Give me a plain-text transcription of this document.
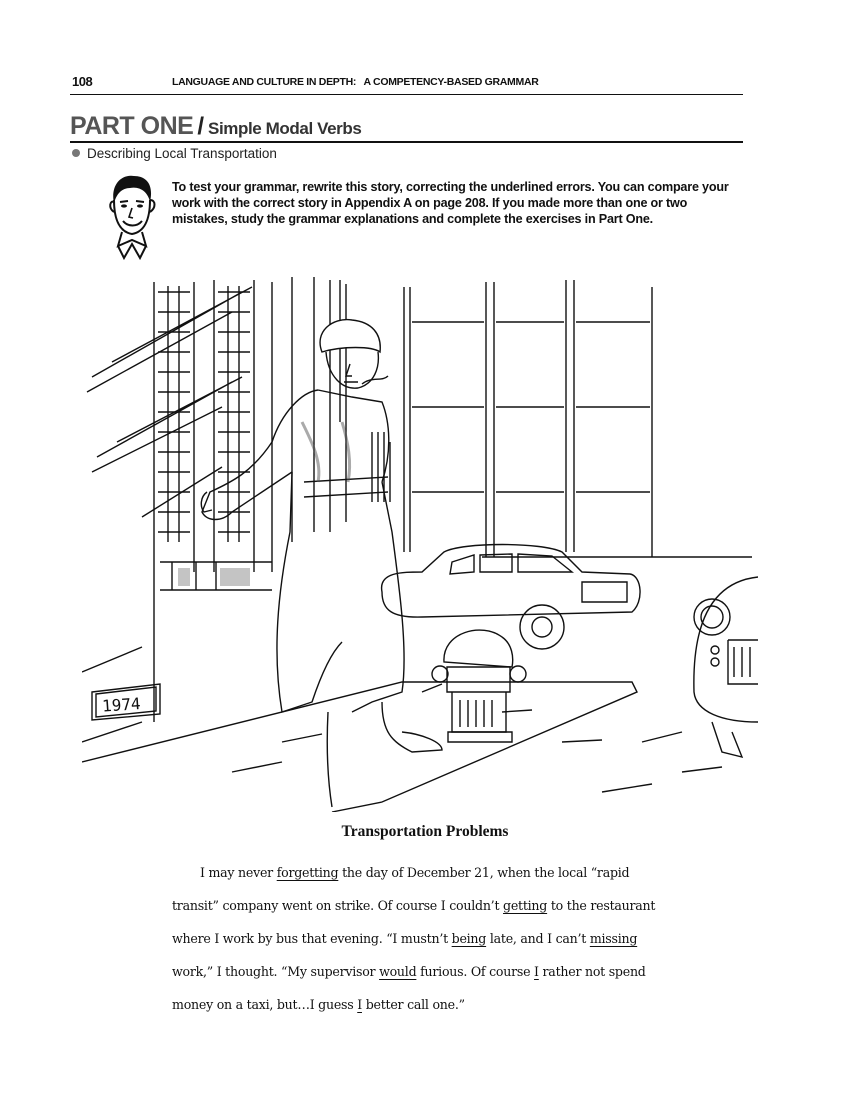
108	LANGUAGE AND CULTURE IN DEPTH:   A COMPETENCY-BASED GRAMMAR
PART ONE / Simple Modal Verbs
Describing Local Transportation
To test your grammar, rewrite this story, correcting the underlined errors. You can compare your work with the correct story in Appendix A on page 208. If you made more than one or two mistakes, study the grammar explanations and complete the exercises in Part One.
1974
Transportation Problems

I may never forgetting the day of December 21, when the local “rapid

transit” company went on strike. Of course I couldn’t getting to the restaurant

where I work by bus that evening. “I mustn’t being late, and I can’t missing

work,” I thought. “My supervisor would furious. Of course I rather not spend

money on a taxi, but…I guess I better call one.”
